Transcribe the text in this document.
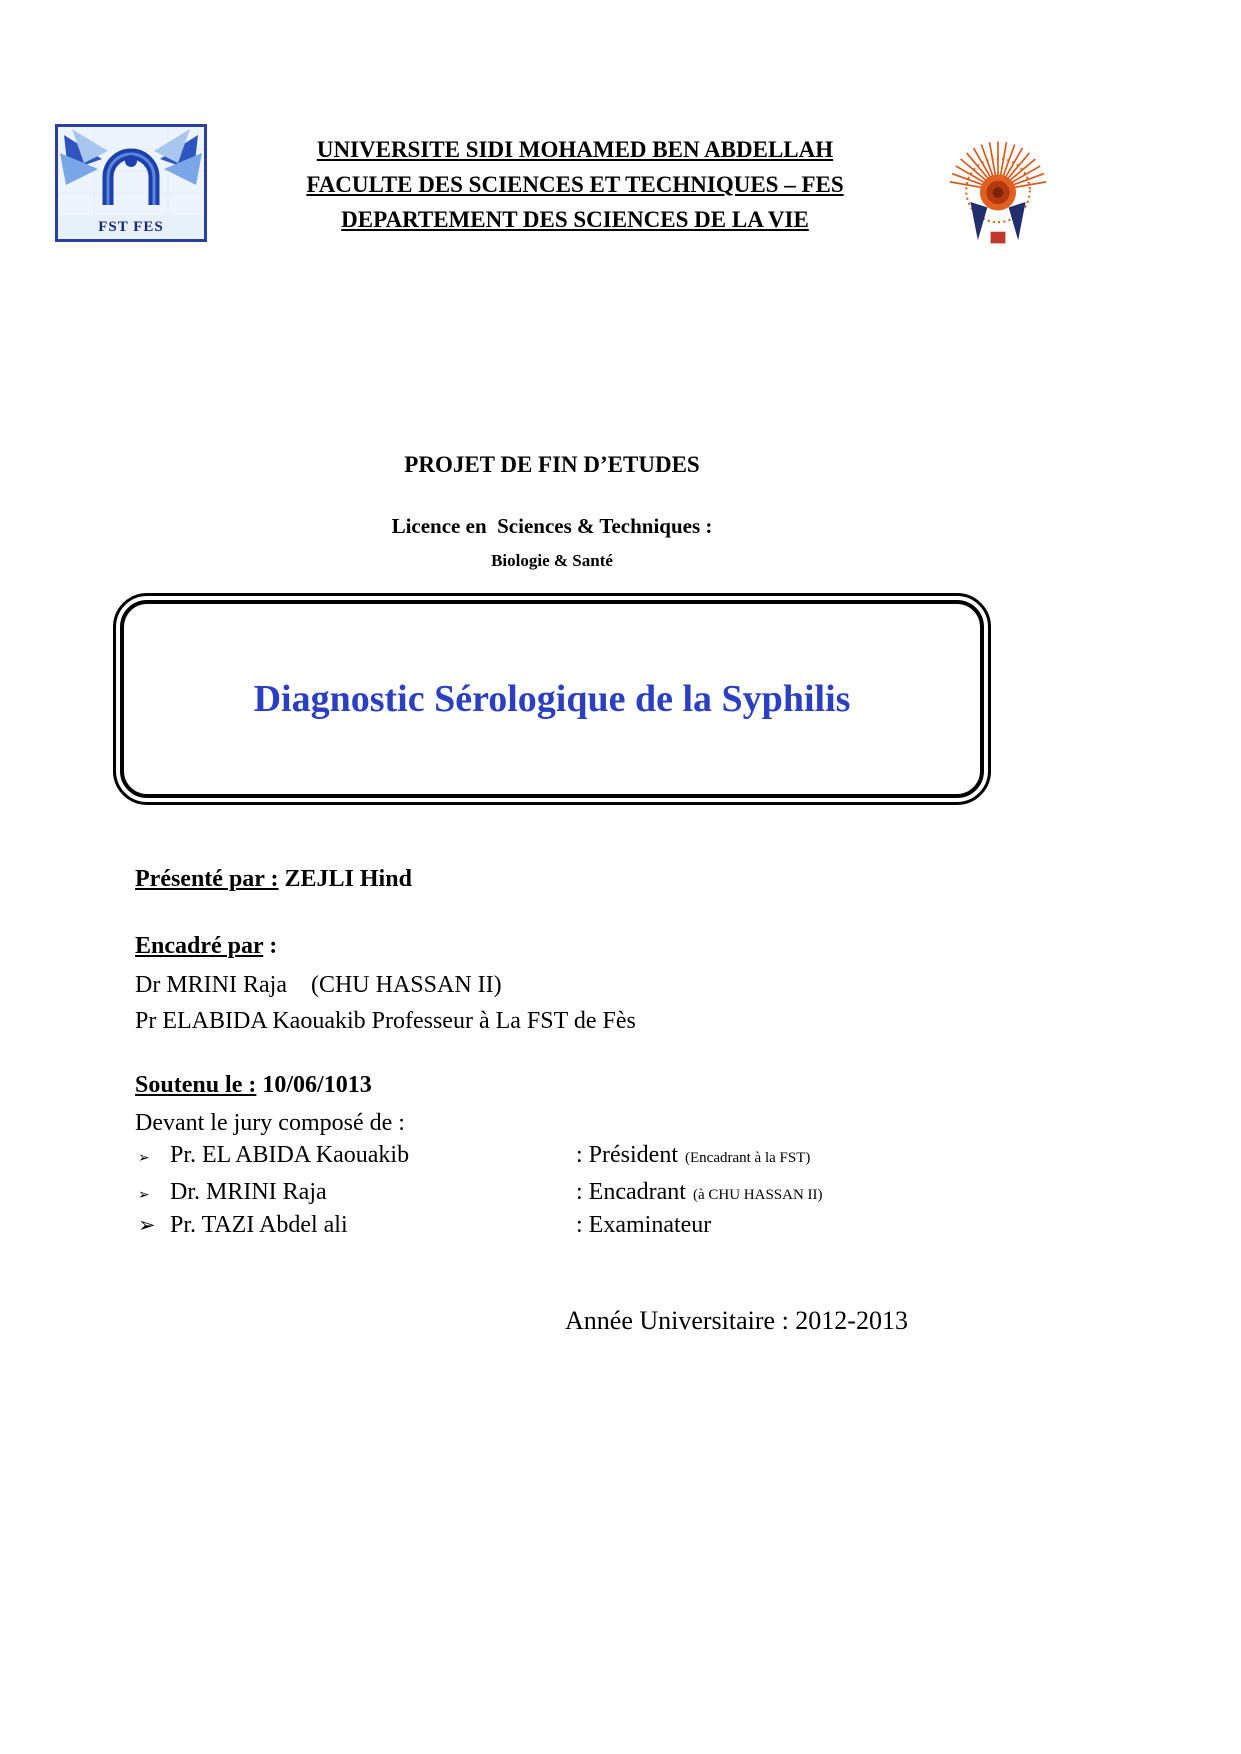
FST FES
UNIVERSITE SIDI MOHAMED BEN ABDELLAH
FACULTE DES SCIENCES ET TECHNIQUES – FES
DEPARTEMENT DES SCIENCES DE LA VIE
PROJET DE FIN D’ETUDES
Licence en  Sciences & Techniques :
Biologie & Santé
Diagnostic Sérologique de la Syphilis
Présenté par : ZEJLI Hind
Encadré par :
Dr MRINI Raja    (CHU HASSAN II)
Pr ELABIDA Kaouakib Professeur à La FST de Fès
Soutenu le : 10/06/1013
Devant le jury composé de :
➢ Pr. EL ABIDA Kaouakib	: Président (Encadrant à la FST)
➢ Dr. MRINI Raja	: Encadrant (à CHU HASSAN II)
➢ Pr. TAZI Abdel ali	: Examinateur
Année Universitaire : 2012-2013
